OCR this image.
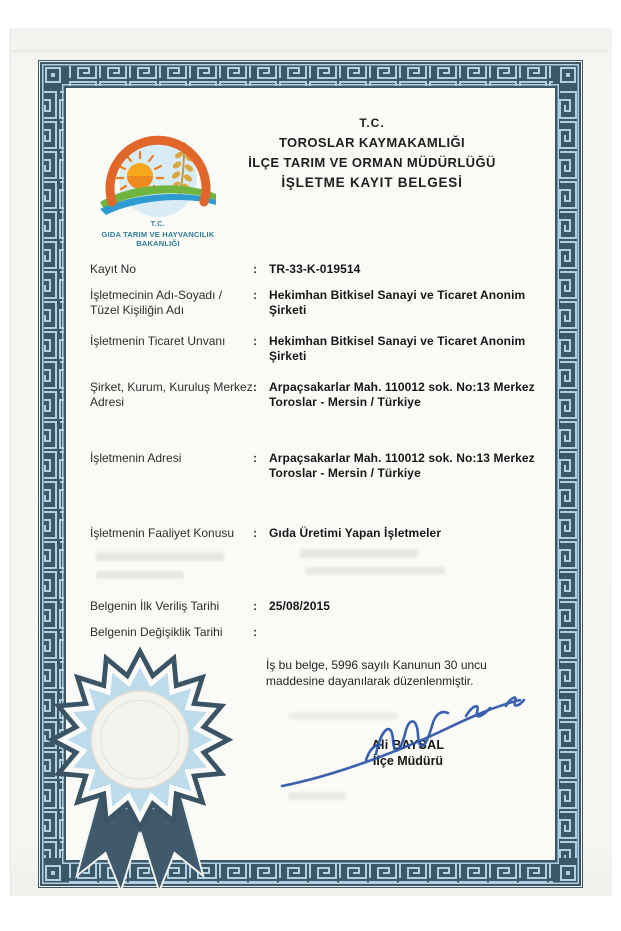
T.C.
GIDA TARIM VE HAYVANCILIK
BAKANLIĞI
T.C.
TOROSLAR KAYMAKAMLIĞI
İLÇE TARIM VE ORMAN MÜDÜRLÜĞÜ
İŞLETME KAYIT BELGESİ
Kayıt No	:	TR-33-K-019514
İşletmecinin Adı-Soyadı / Tüzel Kişiliğin Adı
:	Hekimhan Bitkisel Sanayi ve Ticaret Anonim Şirketi
İşletmenin Ticaret Unvanı	:	Hekimhan Bitkisel Sanayi ve Ticaret Anonim Şirketi
Şirket, Kurum, Kuruluş Merkez Adresi
:	Arpaçsakarlar Mah. 110012 sok. No:13 Merkez Toroslar - Mersin / Türkiye
İşletmenin Adresi	:	Arpaçsakarlar Mah. 110012 sok. No:13 Merkez Toroslar - Mersin / Türkiye
İşletmenin Faaliyet Konusu	:	Gıda Üretimi Yapan İşletmeler
Belgenin İlk Veriliş Tarihi	:	25/08/2015
Belgenin Değişiklik Tarihi	:
İş bu belge, 5996 sayılı Kanunun 30 uncu maddesine dayanılarak düzenlenmiştir.
Ali BAYSAL
İlçe Müdürü
